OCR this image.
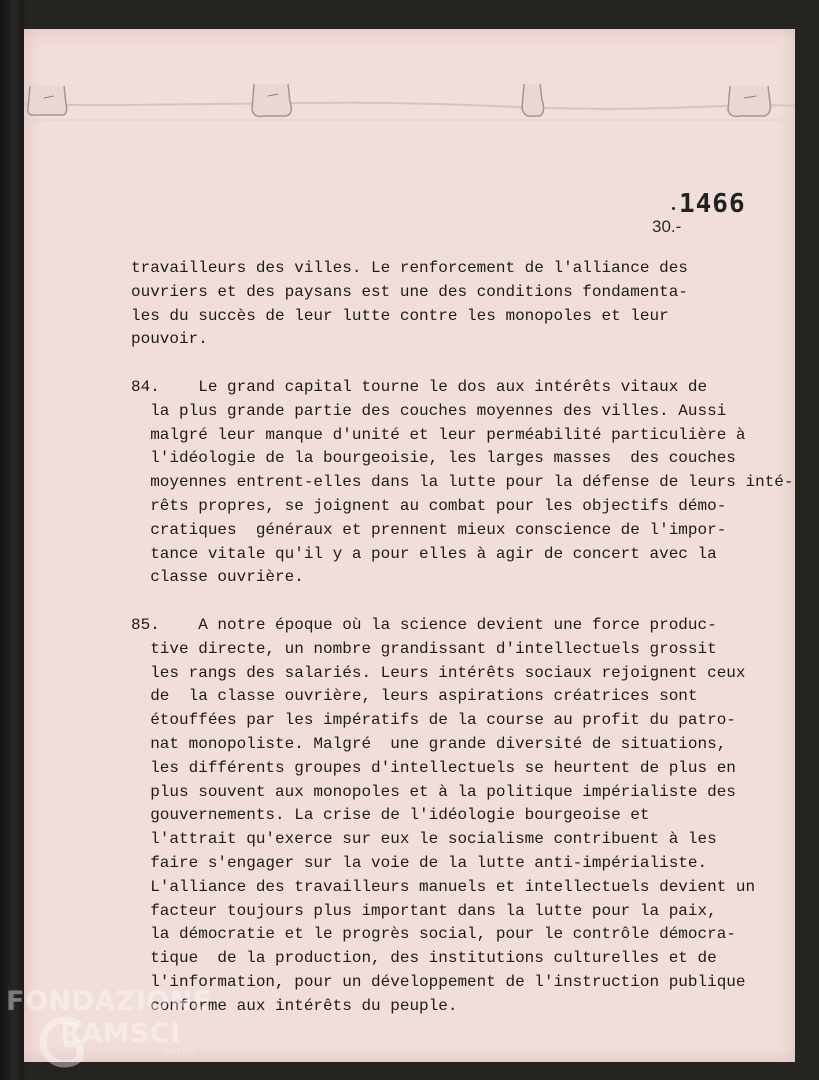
1466
30.-
travailleurs des villes. Le renforcement de l'alliance des
ouvriers et des paysans est une des conditions fondamenta-
les du succès de leur lutte contre les monopoles et leur
pouvoir.
84.    Le grand capital tourne le dos aux intérêts vitaux de
la plus grande partie des couches moyennes des villes. Aussi
malgré leur manque d'unité et leur perméabilité particulière à
l'idéologie de la bourgeoisie, les larges masses  des couches
moyennes entrent-elles dans la lutte pour la défense de leurs inté-
rêts propres, se joignent au combat pour les objectifs démo-
cratiques  généraux et prennent mieux conscience de l'impor-
tance vitale qu'il y a pour elles à agir de concert avec la
classe ouvrière.
85.    A notre époque où la science devient une force produc-
tive directe, un nombre grandissant d'intellectuels grossit
les rangs des salariés. Leurs intérêts sociaux rejoignent ceux
de  la classe ouvrière, leurs aspirations créatrices sont
étouffées par les impératifs de la course au profit du patro-
nat monopoliste. Malgré  une grande diversité de situations,
les différents groupes d'intellectuels se heurtent de plus en
plus souvent aux monopoles et à la politique impérialiste des
gouvernements. La crise de l'idéologie bourgeoise et
l'attrait qu'exerce sur eux le socialisme contribuent à les
faire s'engager sur la voie de la lutte anti-impérialiste.
L'alliance des travailleurs manuels et intellectuels devient un
facteur toujours plus important dans la lutte pour la paix,
la démocratie et le progrès social, pour le contrôle démocra-
tique  de la production, des institutions culturelles et de
l'information, pour un développement de l'instruction publique
conforme aux intérêts du peuple.
FONDAZIONE
RAMSCI
ONLUS
